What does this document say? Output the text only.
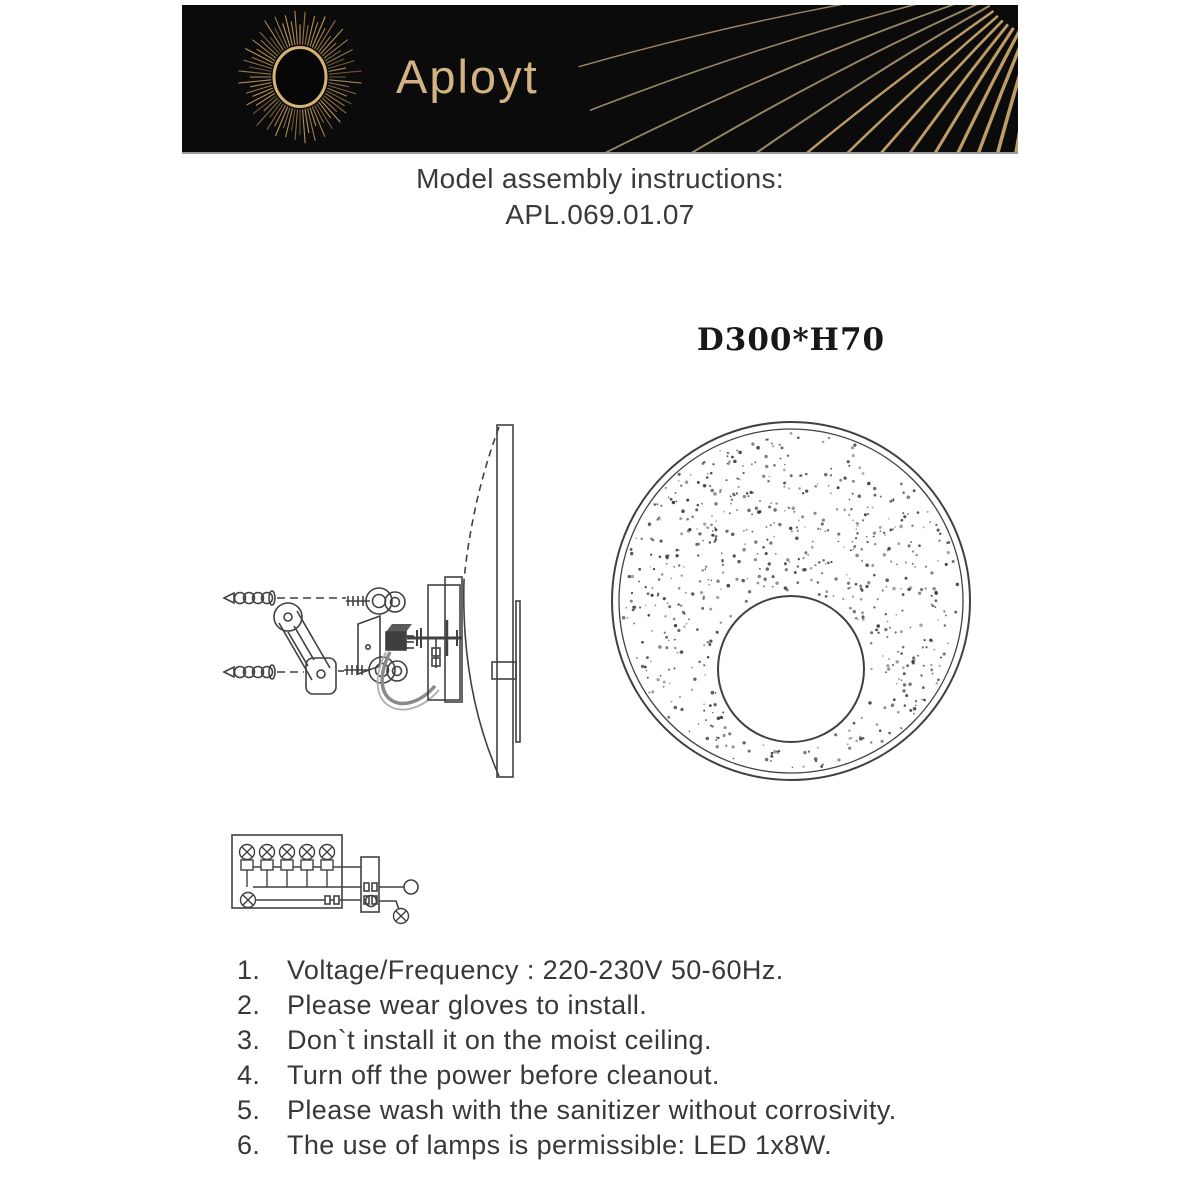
Aployt
Model assembly instructions:
APL.069.01.07
D300*H70
1. Voltage/Frequency : 220-230V 50-60Hz.
2. Please wear gloves to install.
3. Don`t install it on the moist ceiling.
4. Turn off the power before cleanout.
5. Please wash with the sanitizer without corrosivity.
6. The use of lamps is permissible: LED 1x8W.
